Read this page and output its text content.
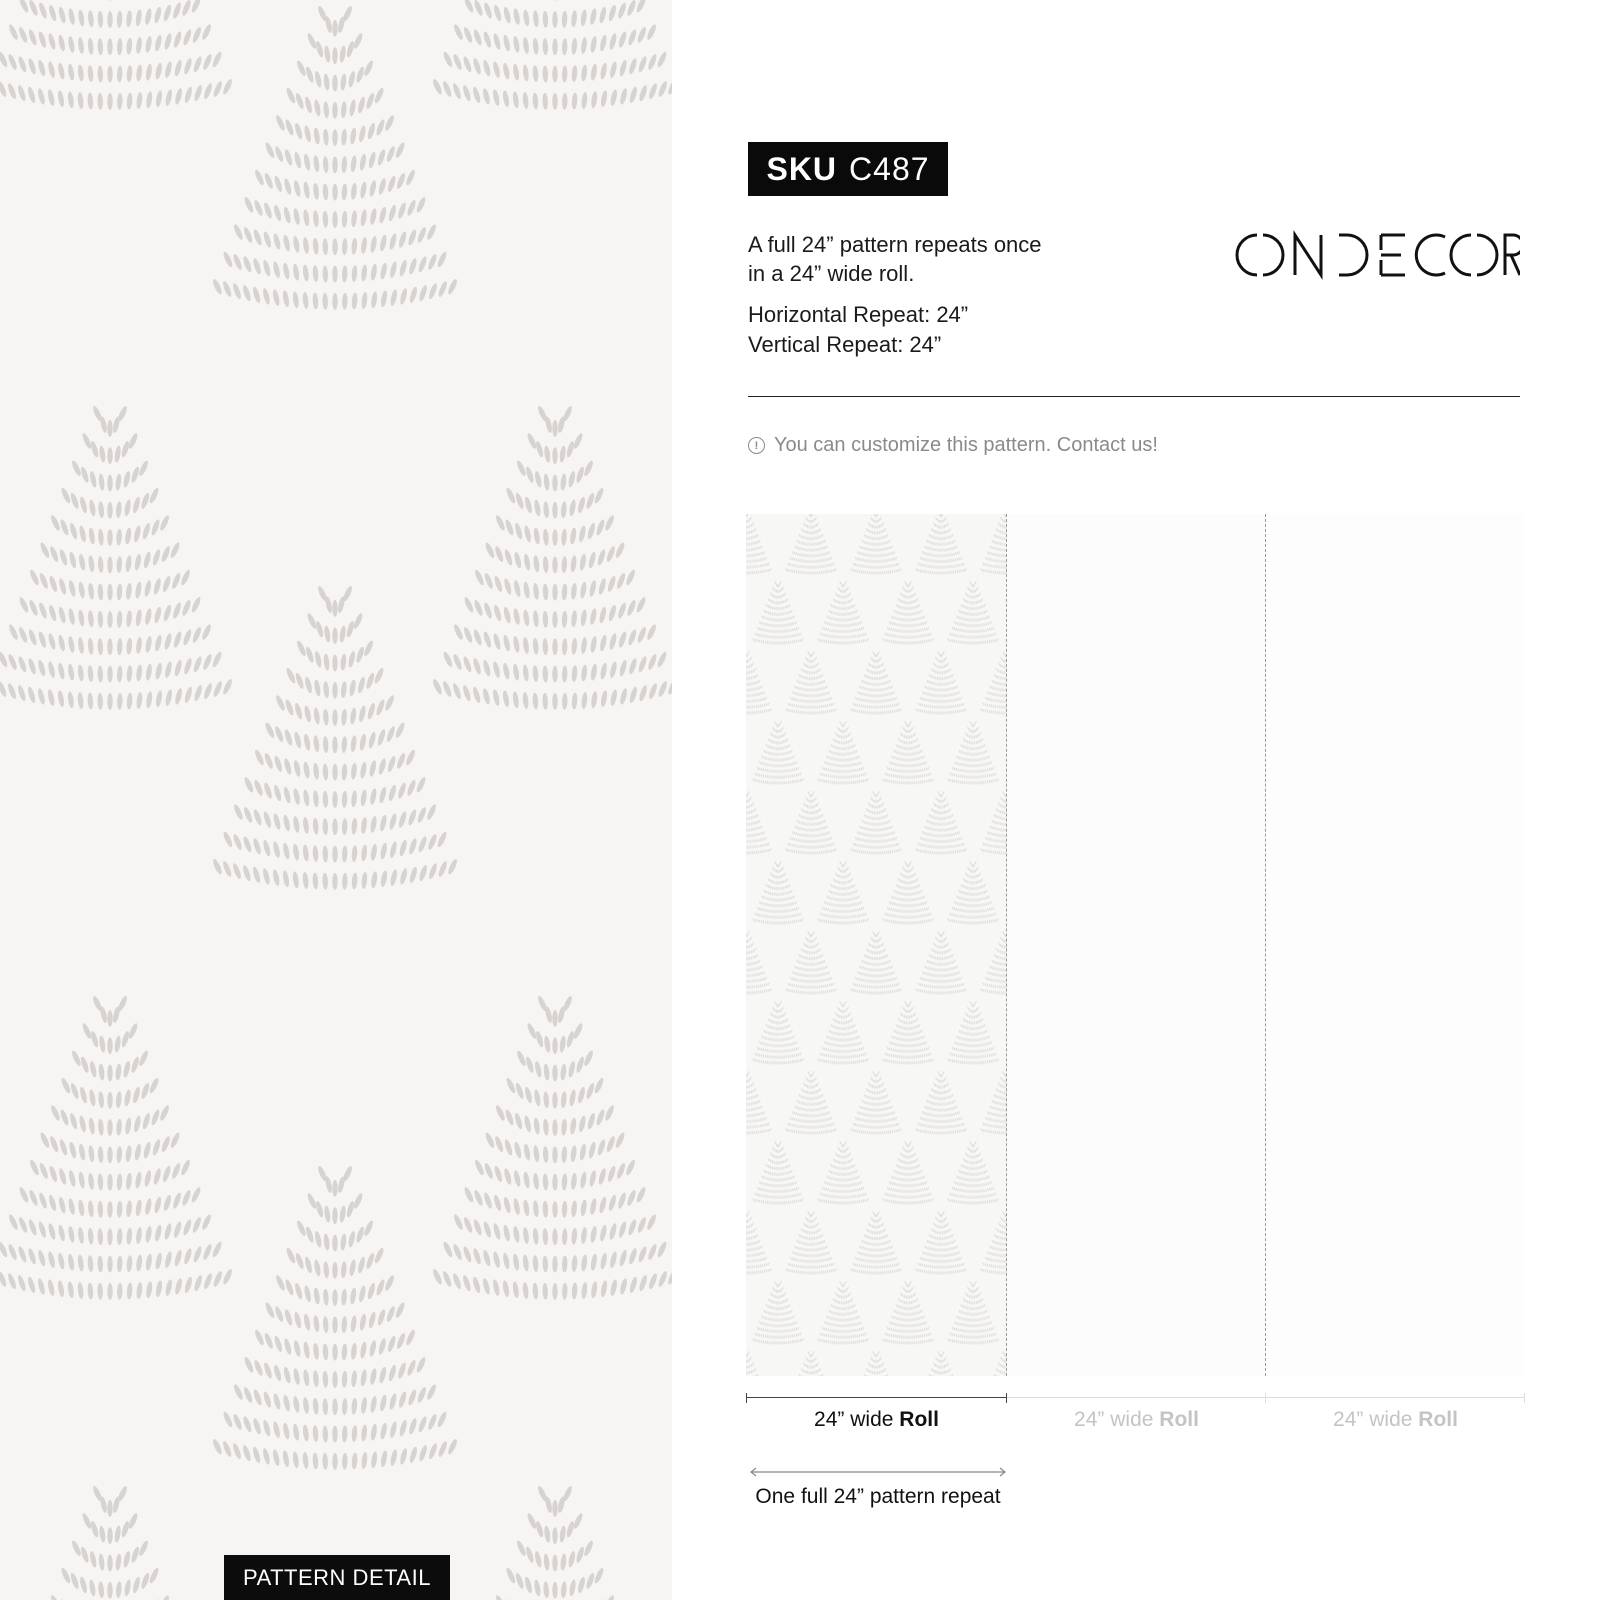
PATTERN DETAIL
SKU C487

A full 24” pattern repeats once

in a 24” wide roll.

Horizontal Repeat: 24”
Vertical Repeat: 24”
! You can customize this pattern. Contact us!
24” wide Roll	24” wide Roll	24” wide Roll
One full 24” pattern repeat
